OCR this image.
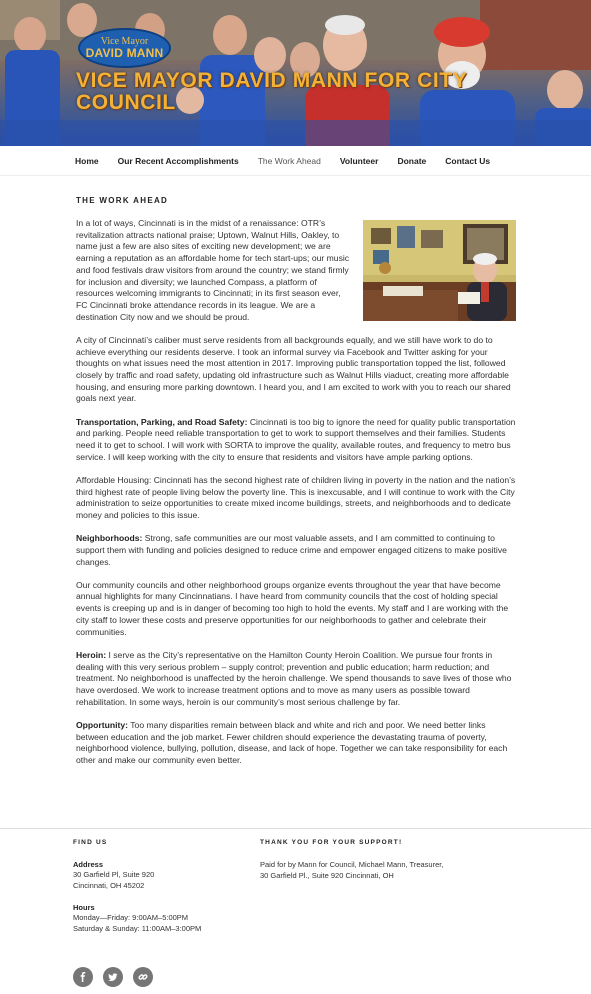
Vice Mayor
DAVID MANN
VICE MAYOR DAVID MANN FOR CITY COUNCIL
Home Our Recent Accomplishments The Work Ahead Volunteer Donate Contact Us
THE WORK AHEAD

In a lot of ways, Cincinnati is in the midst of a renaissance: OTR’s revitalization attracts national praise; Uptown, Walnut Hills, Oakley, to name just a few are also sites of exciting new development; we are earning a reputation as an affordable home for tech start-ups; our music and food festivals draw visitors from around the country; we stand firmly for inclusion and diversity; we launched Compass, a platform of resources welcoming immigrants to Cincinnati; in its first season ever, FC Cincinnati broke attendance records in its league. We are a destination City now and we should be proud.

A city of Cincinnati’s caliber must serve residents from all backgrounds equally, and we still have work to do to achieve everything our residents deserve. I took an informal survey via Facebook and Twitter asking for your thoughts on what issues need the most attention in 2017. Improving public transportation topped the list, followed closely by traffic and road safety, updating old infrastructure such as Walnut Hills viaduct, creating more affordable housing, and ensuring more parking downtown. I heard you, and I am excited to work with you to reach our shared goals next year.

Transportation, Parking, and Road Safety: Cincinnati is too big to ignore the need for quality public transportation and parking. People need reliable transportation to get to work to support themselves and their families. Students need it to get to school. I will work with SORTA to improve the quality, available routes, and frequency to metro bus service. I will keep working with the city to ensure that residents and visitors have ample parking options.

Affordable Housing: Cincinnati has the second highest rate of children living in poverty in the nation and the nation’s third highest rate of people living below the poverty line. This is inexcusable, and I will continue to work with the City administration to seize opportunities to create mixed income buildings, streets, and neighborhoods and to dedicate money and policies to this issue.

Neighborhoods: Strong, safe communities are our most valuable assets, and I am committed to continuing to support them with funding and policies designed to reduce crime and empower engaged citizens to make positive changes.

Our community councils and other neighborhood groups organize events throughout the year that have become annual highlights for many Cincinnatians. I have heard from community councils that the cost of holding special events is creeping up and is in danger of becoming too high to hold the events. My staff and I are working with the city staff to lower these costs and preserve opportunities for our neighborhoods to gather and celebrate their communities.

Heroin: I serve as the City’s representative on the Hamilton County Heroin Coalition. We pursue four fronts in dealing with this very serious problem – supply control; prevention and public education; harm reduction; and treatment. No neighborhood is unaffected by the heroin challenge. We spend thousands to save lives of those who have overdosed. We work to increase treatment options and to move as many users as possible toward rehabilitation. In some ways, heroin is our community’s most serious challenge by far.

Opportunity: Too many disparities remain between black and white and rich and poor. We need better links between education and the job market. Fewer children should experience the devastating trauma of poverty, neighborhood violence, bullying, pollution, disease, and lack of hope. Together we can take responsibility for each other and make our community even better.

FIND US
Address
30 Garfield Pl, Suite 920
Cincinnati, OH 45202
Hours
Monday—Friday: 9:00AM–5:00PM
Saturday & Sunday: 11:00AM–3:00PM
THANK YOU FOR YOUR SUPPORT!
Paid for by Mann for Council, Michael Mann, Treasurer,
30 Garfield Pl., Suite 920 Cincinnati, OH
